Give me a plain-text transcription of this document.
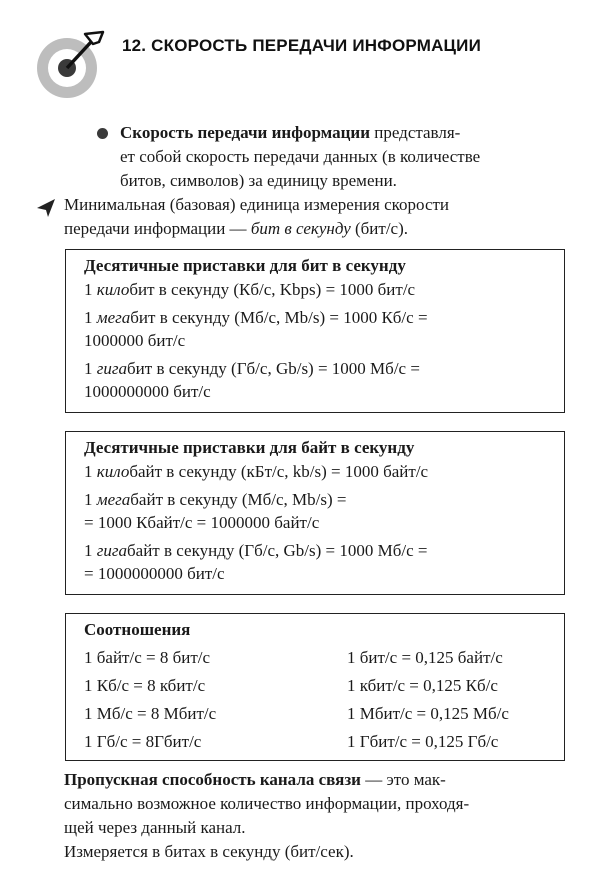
12. СКОРОСТЬ ПЕРЕДАЧИ ИНФОРМАЦИИ

Скорость передачи информации представля-
ет собой скорость передачи данных (в количестве
битов, символов) за единицу времени.

Минимальная (базовая) единица измерения скорости
передачи информации — бит в секунду (бит/с).

Десятичные приставки для бит в секунду
1 килобит в секунду (Кб/с, Kbps) = 1000 бит/с
1 мегабит в секунду (Мб/с, Mb/s) = 1000 Кб/с =
1000000 бит/с
1 гигабит в секунду (Гб/с, Gb/s) = 1000 Мб/с =
1000000000 бит/с
Десятичные приставки для байт в секунду
1 килобайт в секунду (кБт/с, kb/s) = 1000 байт/с
1 мегабайт в секунду (Мб/с, Mb/s) =
= 1000 Кбайт/с = 1000000 байт/с
1 гигабайт в секунду (Гб/с, Gb/s) = 1000 Мб/с =
= 1000000000 бит/с
Соотношения
1 байт/с = 8 бит/с	1 бит/с = 0,125 байт/с
1 Кб/с = 8 кбит/с	1 кбит/с = 0,125 Кб/с
1 Мб/с = 8 Мбит/с	1 Мбит/с = 0,125 Мб/с
1 Гб/с = 8Гбит/с	1 Гбит/с = 0,125 Гб/с

Пропускная способность канала связи — это мак-
симально возможное количество информации, проходя-
щей через данный канал.
Измеряется в битах в секунду (бит/сек).
